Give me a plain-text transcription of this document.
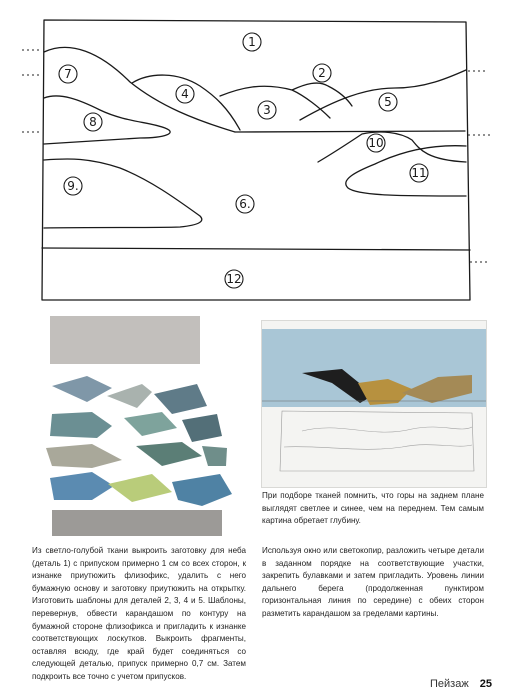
1
2
3
4
5
6.
7
8
9.
10
11
12
При подборе тканей помнить, что горы на заднем плане выглядят светлее и синее, чем на переднем. Тем самым картина обретает глубину.
Из светло-голубой ткани выкроить заготовку для неба (деталь 1) с припуском примерно 1 см со всех сторон, к изнанке приутюжить флизофикс, удалить с него бумажную основу и заготовку приутюжить на открытку. Изготовить шаблоны для деталей 2, 3, 4 и 5. Шаблоны, перевернув, обвести карандашом по контуру на бумажной стороне флизофикса и пригладить к изнанке соответствующих лоскутков. Выкроить фрагменты, оставляя всюду, где край будет соединяться со следующей деталью, припуск примерно 0,7 см. Затем подкроить все точно с учетом припусков.
Используя окно или светокопир, разложить четыре детали в заданном порядке на соответствующие участки, закрепить булавками и затем пригладить. Уровень линии дальнего берега (продолженная пунктиром горизонтальная линия по середине) с обеих сторон разметить карандашом за гределами картины.
Пейзаж 25
